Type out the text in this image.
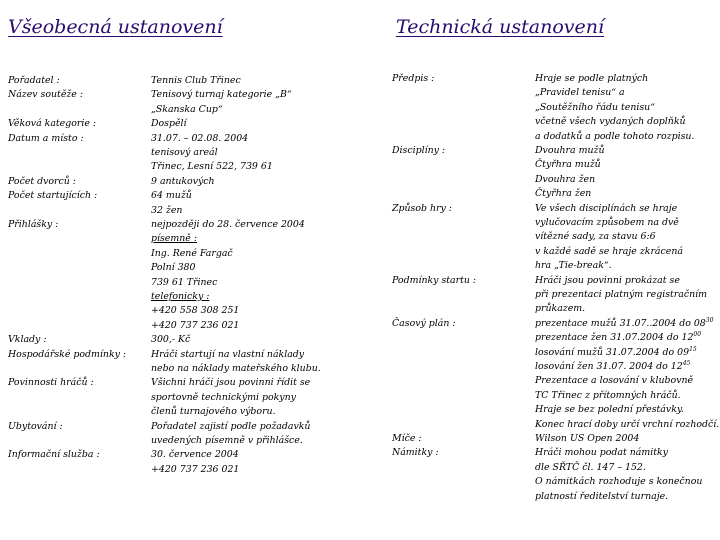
Všeobecná ustanovení	Technická ustanovení
Pořadatel :
Název soutěže :
Věková kategorie :
Datum a místo :
Počet dvorců :
Počet startujících :
Přihlášky :
Vklady :
Hospodářské podmínky :
Povinnosti hráčů :
Ubytování :
Informační služba :
Tennis Club Třinec
Tenisový turnaj kategorie „B“
„Skanska Cup“
Dospělí
31.07. – 02.08. 2004
tenisový areál
Třinec, Lesní 522, 739 61
9 antukových
64 mužů
32 žen
nejpozději do 28. července 2004
písemně :
Ing. René Fargač
Polní 380
739 61 Třinec
telefonicky :
+420 558 308 251
+420 737 236 021
300,- Kč
Hráči startují na vlastní náklady
nebo na náklady mateřského klubu.
Všichni hráči jsou povinni řídit se
sportovně technickými pokyny
členů turnajového výboru.
Pořadatel zajistí podle požadavků
uvedených písemně v přihlášce.
30. července 2004
+420 737 236 021
Předpis :
Disciplíny :
Způsob hry :
Podmínky startu :
Časový plán :
Míče :
Námitky :
Hraje se podle platných
„Pravidel tenisu“ a
„Soutěžního řádu tenisu“
včetně všech vydaných doplňků
a dodatků a podle tohoto rozpisu.
Dvouhra mužů
Čtyřhra mužů
Dvouhra žen
Čtyřhra žen
Ve všech disciplínách se hraje
vylučovacím způsobem na dvě
vítězné sady, za stavu 6:6
v každé sadě se hraje zkrácená
hra „Tie-break“.
Hráči jsou povinni prokázat se
při prezentaci platným registračním
průkazem.
prezentace mužů 31.07..2004 do $08^{30}$
prezentace žen 31.07.2004 do $12^{00}$
losování mužů 31.07.2004 do $09^{15}$
losování žen 31.07. 2004 do $12^{45}$
Prezentace a losování v klubovně
TC Třinec z přítomných hráčů.
Hraje se bez polední přestávky.
Konec hrací doby určí vrchní rozhodčí.
Wilson US Open 2004
Hráči mohou podat námitky
dle SŘTČ čl. 147 – 152.
O námitkách rozhoduje s konečnou
platností ředitelství turnaje.
